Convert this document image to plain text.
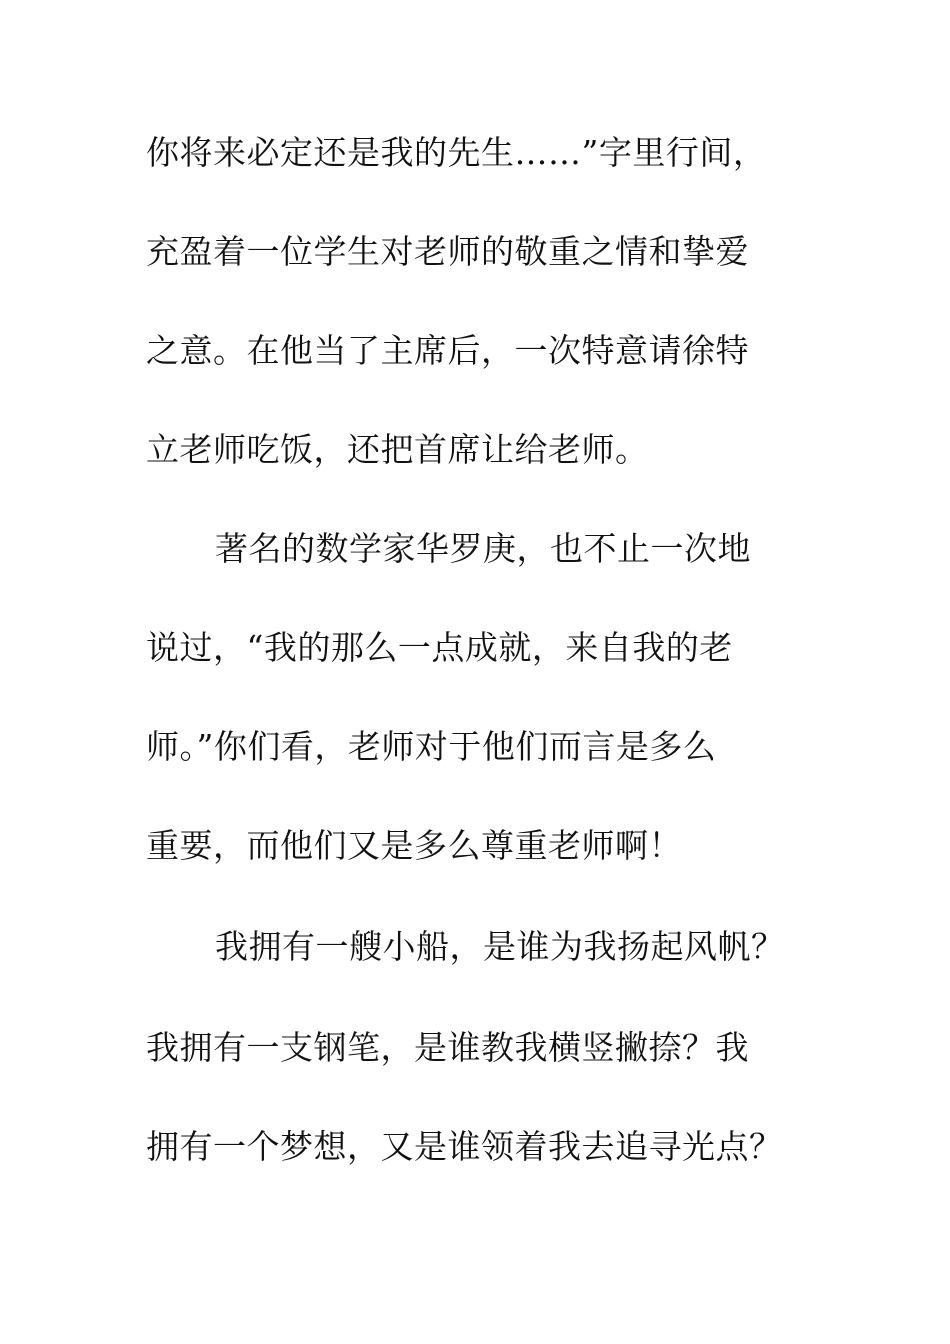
你将来必定还是我的先生……”字里行间，
充盈着一位学生对老师的敬重之情和挚爱
之意。在他当了主席后，一次特意请徐特
立老师吃饭，还把首席让给老师。
著名的数学家华罗庚，也不止一次地
说过，“我的那么一点成就，来自我的老
师。”你们看，老师对于他们而言是多么
重要，而他们又是多么尊重老师啊！
我拥有一艘小船，是谁为我扬起风帆？
我拥有一支钢笔，是谁教我横竖撇捺？我
拥有一个梦想，又是谁领着我去追寻光点？
